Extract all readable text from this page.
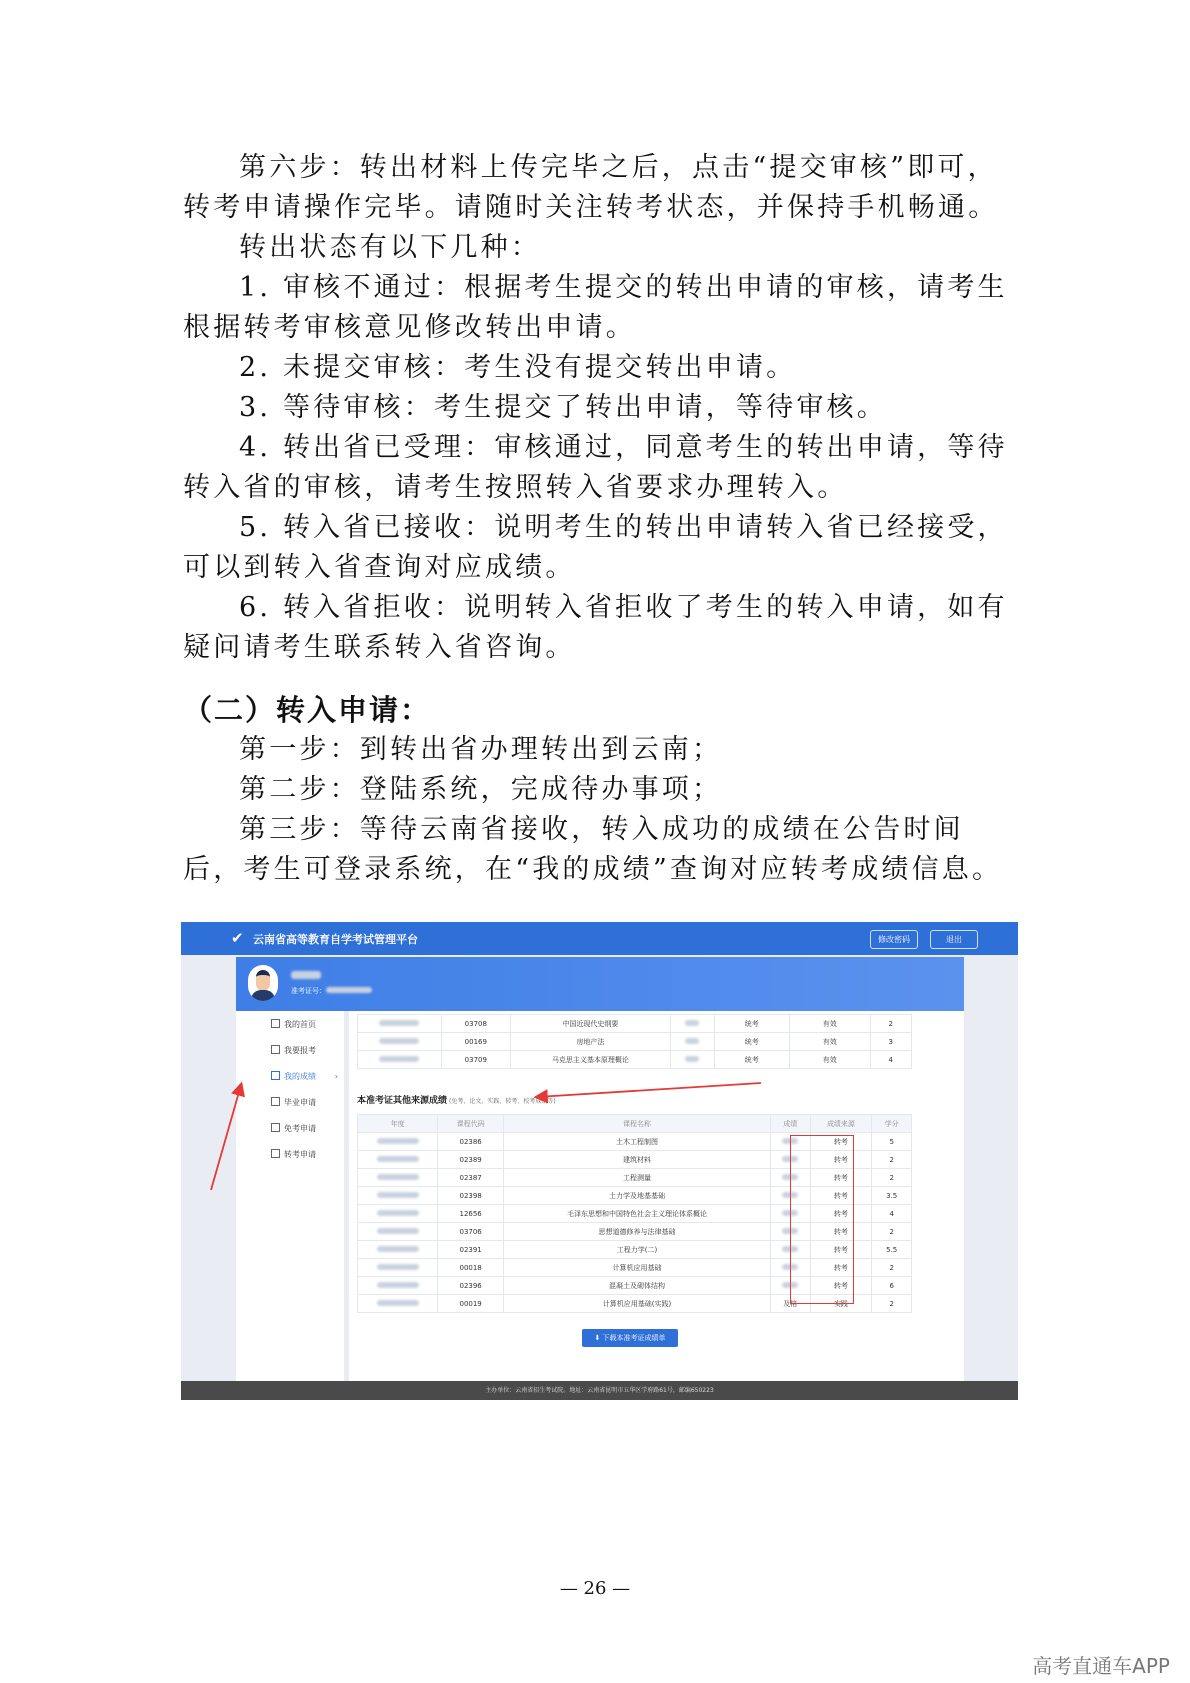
第六步：转出材料上传完毕之后，点击“提交审核”即可，转考申请操作完毕。请随时关注转考状态，并保持手机畅通。

转出状态有以下几种：

1. 审核不通过：根据考生提交的转出申请的审核，请考生根据转考审核意见修改转出申请。

2. 未提交审核：考生没有提交转出申请。

3. 等待审核：考生提交了转出申请，等待审核。

4. 转出省已受理：审核通过，同意考生的转出申请，等待转入省的审核，请考生按照转入省要求办理转入。

5. 转入省已接收：说明考生的转出申请转入省已经接受，可以到转入省查询对应成绩。

6. 转入省拒收：说明转入省拒收了考生的转入申请，如有疑问请考生联系转入省咨询。

（二）转入申请：

第一步：到转出省办理转出到云南；

第二步：登陆系统，完成待办事项；

第三步：等待云南省接收，转入成功的成绩在公告时间后，考生可登录系统，在“我的成绩”查询对应转考成绩信息。

✔ 云南省高等教育自学考试管理平台	修改密码	退出
准考证号：
我的首页
我要报考
我的成绩 ›
毕业申请
免考申请
转考申请
	03708	中国近现代史纲要		统考	有效	2
	00169	房地产法		统考	有效	3
	03709	马克思主义基本原理概论		统考	有效	4
本准考证其他来源成绩 (免考、论文、实践、转考、校考成绩等)
年度	课程代码	课程名称	成绩	成绩来源	学分
	02386	土木工程制图		转考	5
	02389	建筑材料		转考	2
	02387	工程测量		转考	2
	02398	土力学及地基基础		转考	3.5
	12656	毛泽东思想和中国特色社会主义理论体系概论		转考	4
	03706	思想道德修养与法律基础		转考	2
	02391	工程力学(二)		转考	5.5
	00018	计算机应用基础		转考	2
	02396	混凝土及砌体结构		转考	6
	00019	计算机应用基础(实践)	及格	实践	2
⬇ 下载本准考证成绩单
主办单位：云南省招生考试院。地址：云南省昆明市五华区学府路61号，邮编650223
— 26 —
高考直通车APP
